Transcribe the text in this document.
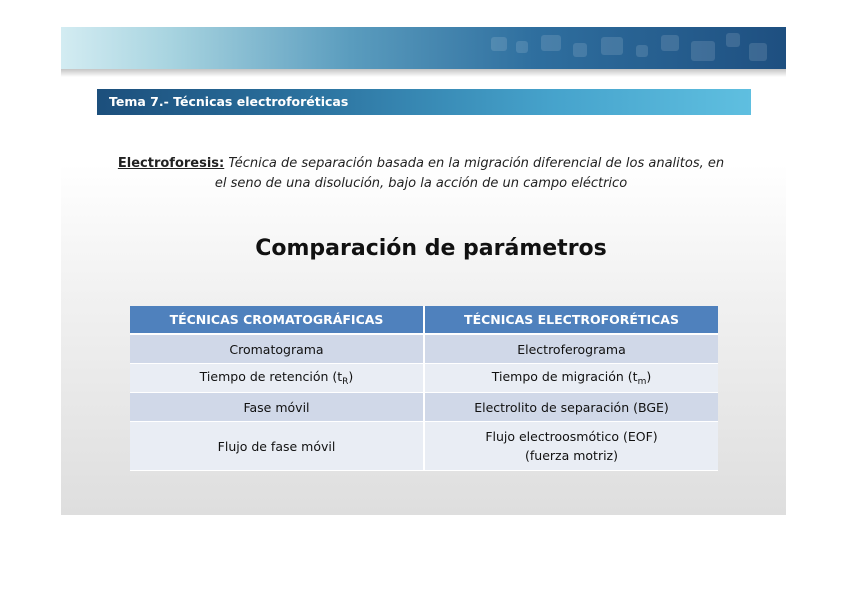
Tema 7.- Técnicas electroforéticas
Electroforesis: Técnica de separación basada en la migración diferencial de los analitos, en el seno de una disolución, bajo la acción de un campo eléctrico
Comparación de parámetros
TÉCNICAS CROMATOGRÁFICAS	TÉCNICAS ELECTROFORÉTICAS
Cromatograma	Electroferograma
Tiempo de retención $(t_R)$	Tiempo de migración $(t_m)$
Fase móvil	Electrolito de separación (BGE)
Flujo de fase móvil	Flujo electroosmótico (EOF)
(fuerza motriz)
